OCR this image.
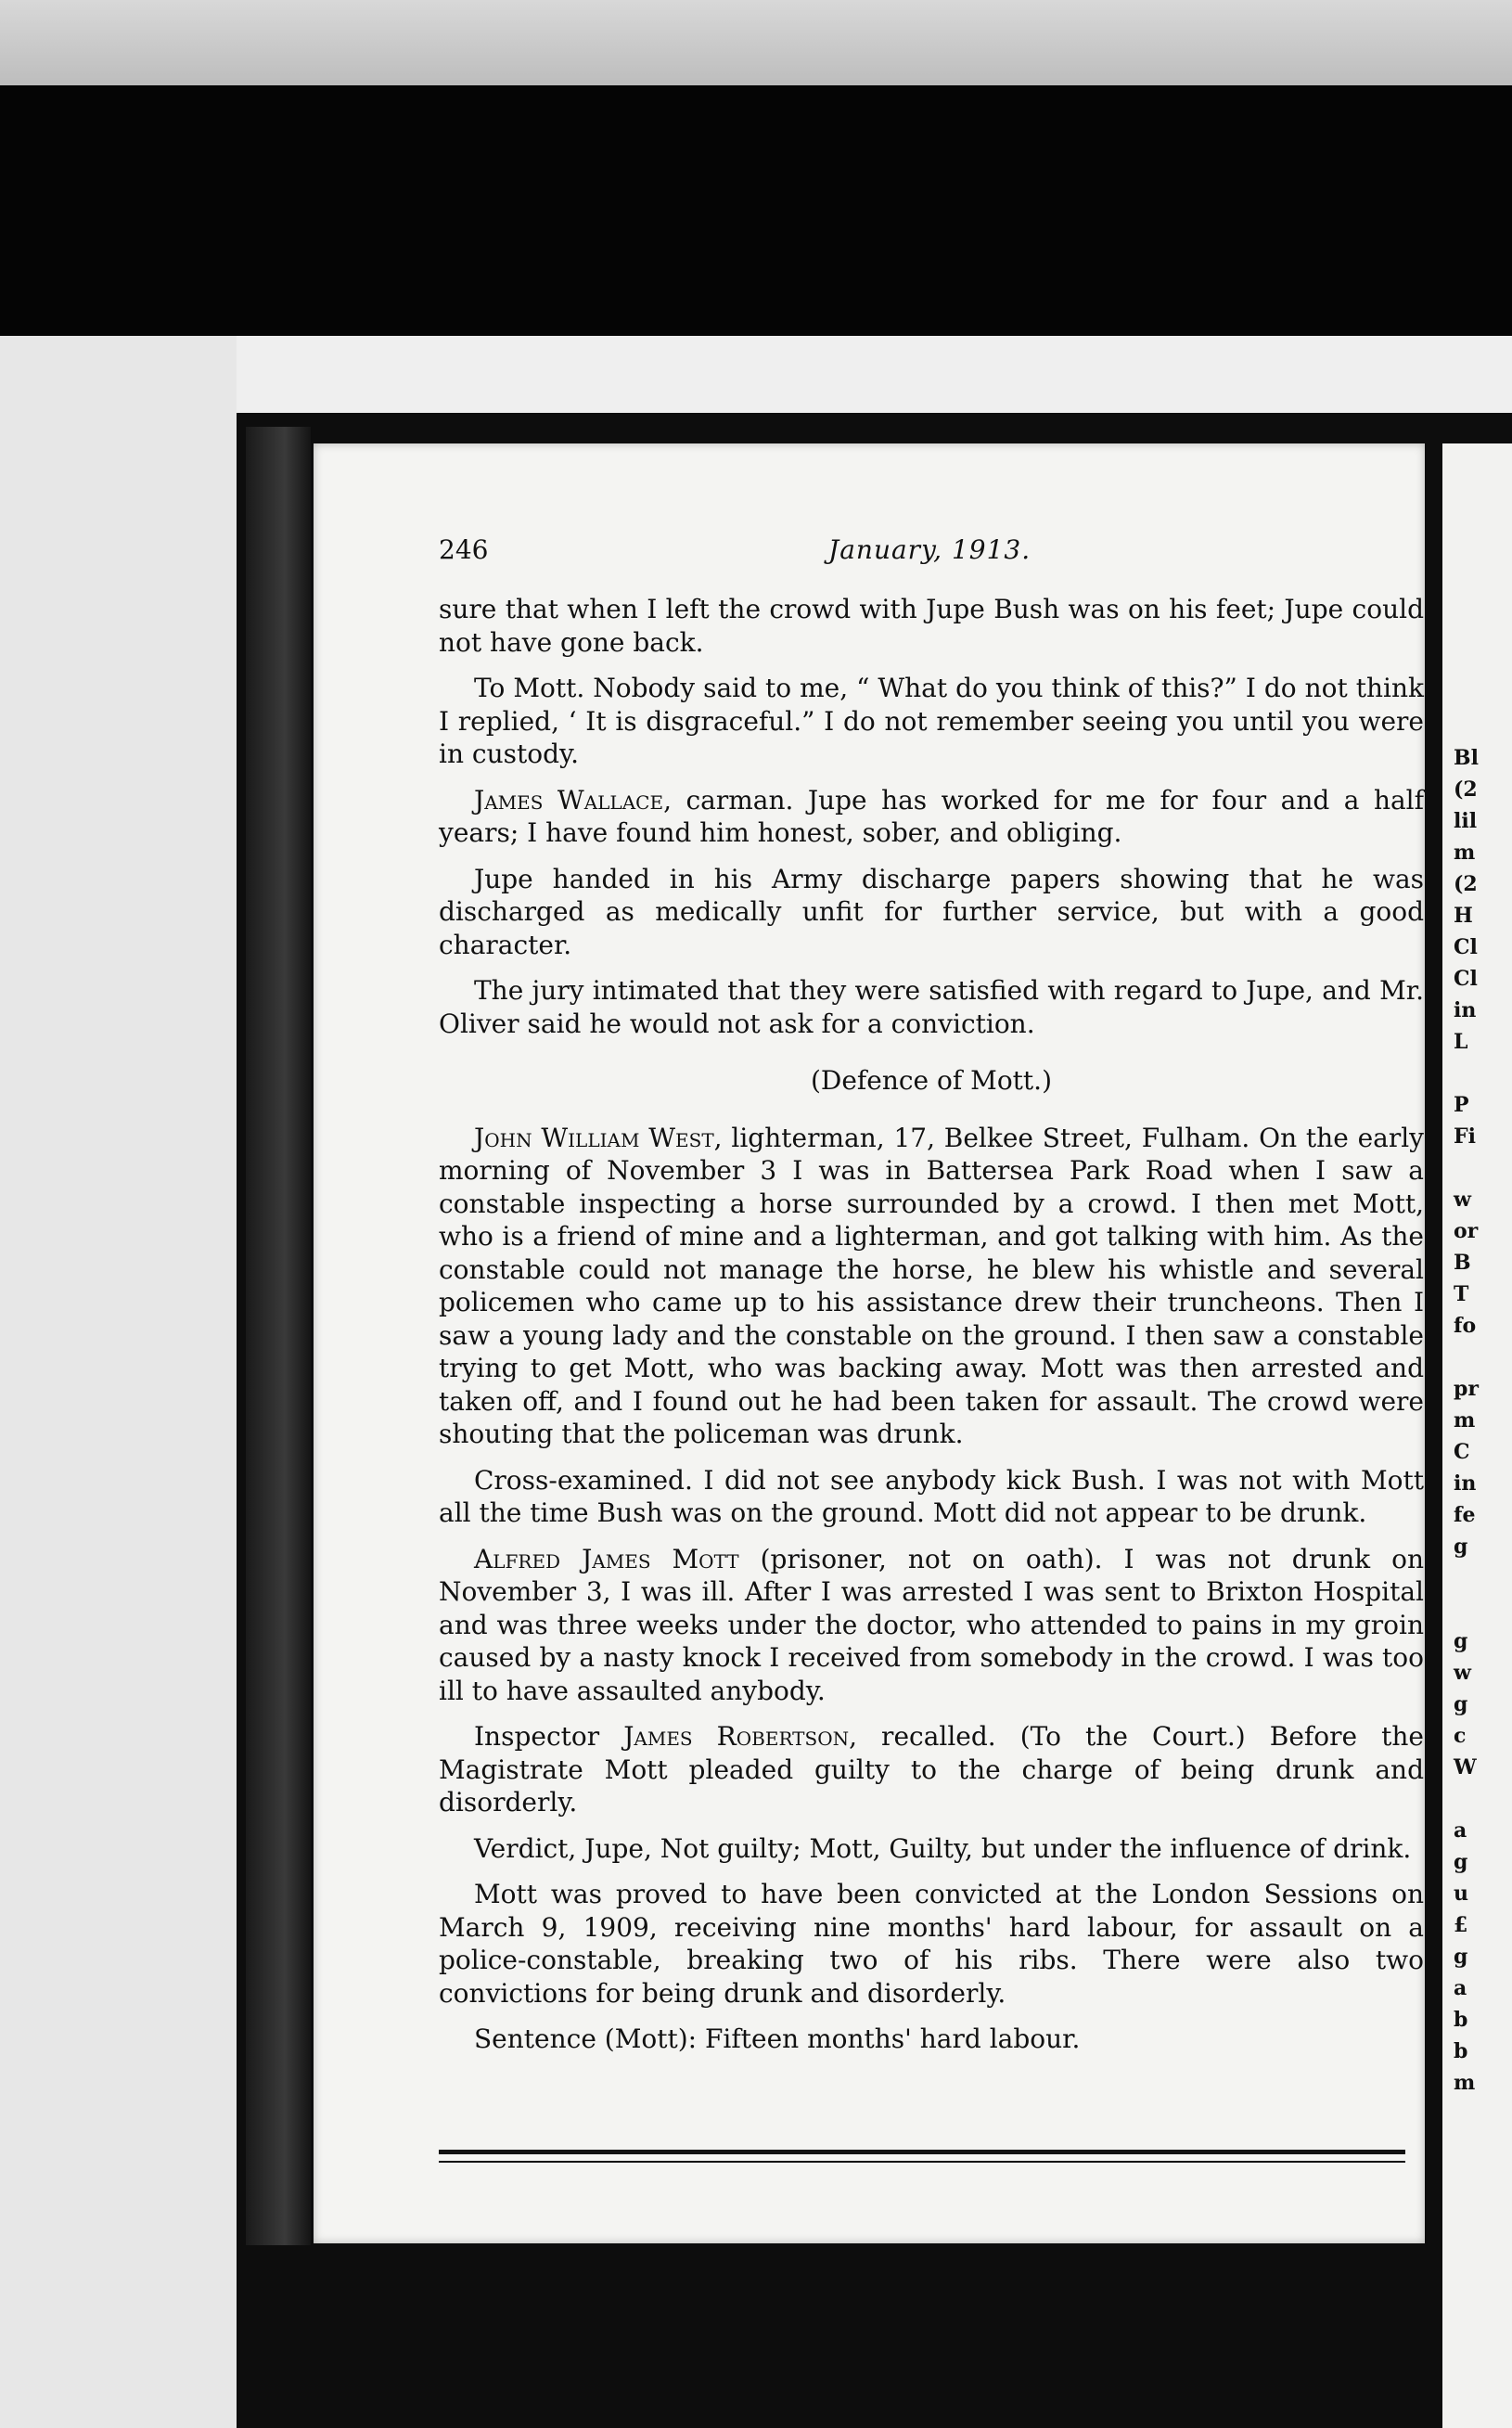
Bl
(2
lil
m
(2
H
Cl
Cl
in
L

P
Fi

w
or
B
T
fo

pr
m
C
in
fe
g

g
w
g
c
W

a
g
u
£
g
a
b
b
m
246	January, 1913.

sure that when I left the crowd with Jupe Bush was on his feet; Jupe could not have gone back.

To Mott. Nobody said to me, “ What do you think of this?” I do not think I replied, ‘ It is disgraceful.” I do not remember seeing you until you were in custody.

James Wallace, carman. Jupe has worked for me for four and a half years; I have found him honest, sober, and obliging.

Jupe handed in his Army discharge papers showing that he was discharged as medically unfit for further service, but with a good character.

The jury intimated that they were satisfied with regard to Jupe, and Mr. Oliver said he would not ask for a conviction.

(Defence of Mott.)

John William West, lighterman, 17, Belkee Street, Fulham. On the early morning of November 3 I was in Battersea Park Road when I saw a constable inspecting a horse surrounded by a crowd. I then met Mott, who is a friend of mine and a lighterman, and got talking with him. As the constable could not manage the horse, he blew his whistle and several policemen who came up to his assistance drew their truncheons. Then I saw a young lady and the constable on the ground. I then saw a constable trying to get Mott, who was backing away. Mott was then arrested and taken off, and I found out he had been taken for assault. The crowd were shouting that the policeman was drunk.

Cross-examined. I did not see anybody kick Bush. I was not with Mott all the time Bush was on the ground. Mott did not appear to be drunk.

Alfred James Mott (prisoner, not on oath). I was not drunk on November 3, I was ill. After I was arrested I was sent to Brixton Hospital and was three weeks under the doctor, who attended to pains in my groin caused by a nasty knock I received from somebody in the crowd. I was too ill to have assaulted anybody.

Inspector James Robertson, recalled. (To the Court.) Before the Magistrate Mott pleaded guilty to the charge of being drunk and disorderly.

Verdict, Jupe, Not guilty; Mott, Guilty, but under the influence of drink.

Mott was proved to have been convicted at the London Sessions on March 9, 1909, receiving nine months' hard labour, for assault on a police-constable, breaking two of his ribs. There were also two convictions for being drunk and disorderly.

Sentence (Mott): Fifteen months' hard labour.
